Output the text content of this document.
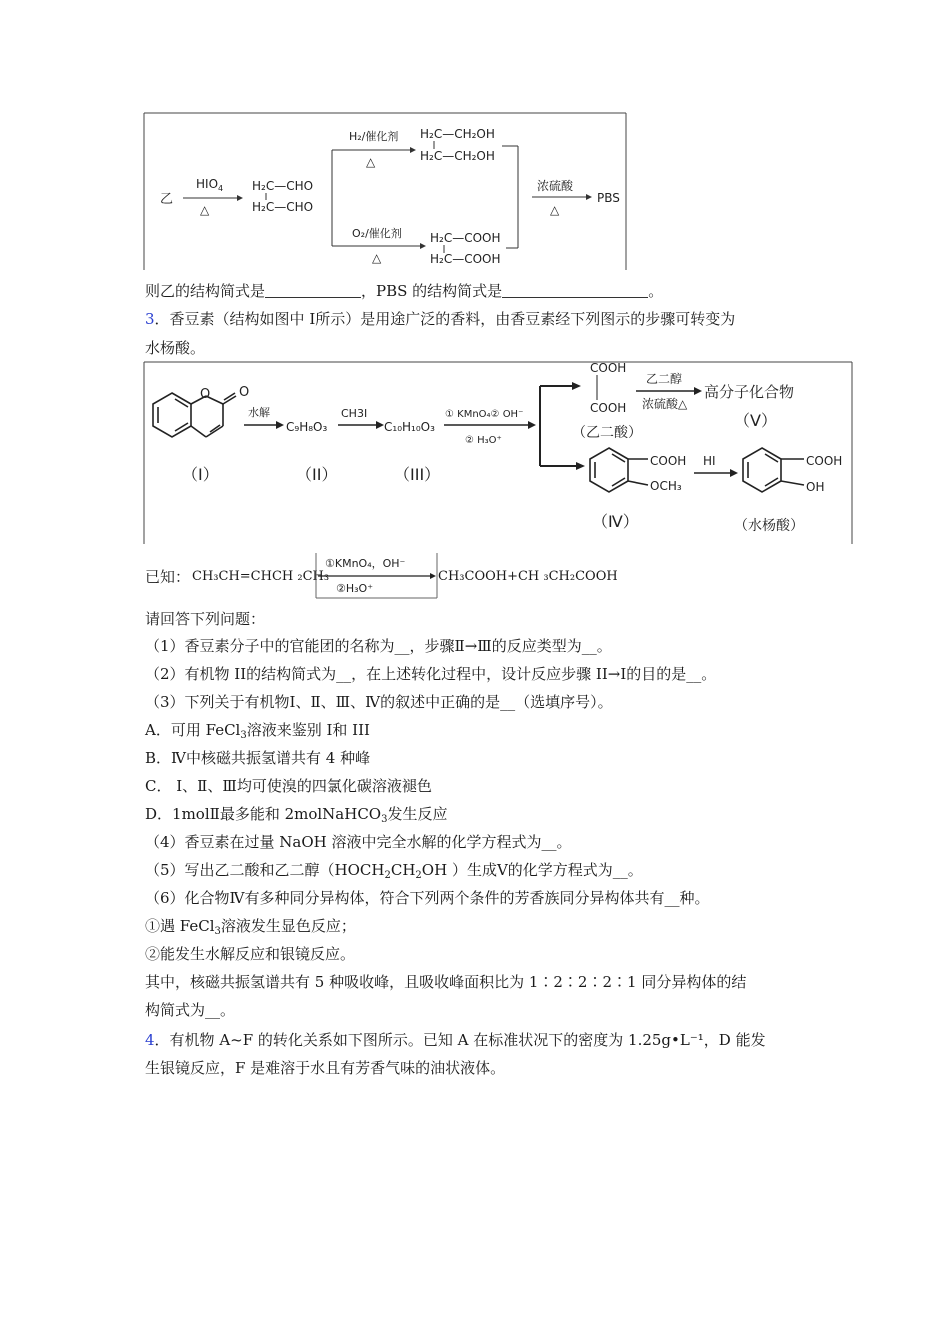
乙
$HIO_4$
△
H₂C—CHO
H₂C—CHO
H₂/催化剂
△
H₂C—CH₂OH
H₂C—CH₂OH
O₂/催化剂
△
H₂C—COOH
H₂C—COOH
浓硫酸
△
PBS
则乙的结构简式是	，PBS 的结构简式是	。
3．香豆素（结构如图中 I所示）是用途广泛的香料，由香豆素经下列图示的步骤可转变为
水杨酸。
O O
（I）
水解
C₉H₈O₃
（II）
CH3I
C₁₀H₁₀O₃
（III）
① KMnO₄② OH⁻
② H₃O⁺
COOH
COOH
（乙二酸）
乙二醇
浓硫酸△
高分子化合物
（Ⅴ）
COOH
OCH₃
（Ⅳ）
HI	COOH
OH
（水杨酸）
已知： CH₃CH=CHCH ₂CH₃
①KMnO₄，OH⁻
②H₃O⁺
CH₃COOH+CH ₃CH₂COOH
请回答下列问题：
（1）香豆素分子中的官能团的名称为__，步骤Ⅱ→Ⅲ的反应类型为__。
（2）有机物 II的结构简式为__，在上述转化过程中，设计反应步骤 II→I的目的是__。
（3）下列关于有机物Ⅰ、Ⅱ、Ⅲ、Ⅳ的叙述中正确的是__（选填序号）。
A．可用 FeCl$_3$溶液来鉴别 I和 III
B．Ⅳ中核磁共振氢谱共有 4 种峰
C． Ⅰ、Ⅱ、Ⅲ均可使溴的四氯化碳溶液褪色
D．1molⅡ最多能和 2molNaHCO$_3$发生反应
（4）香豆素在过量 NaOH 溶液中完全水解的化学方程式为__。
（5）写出乙二酸和乙二醇（$HOCH_2CH_2OH$ ）生成Ⅴ的化学方程式为__。
（6）化合物Ⅳ有多种同分异构体，符合下列两个条件的芳香族同分异构体共有__种。
①遇 FeCl$_3$溶液发生显色反应；
②能发生水解反应和银镜反应。
其中，核磁共振氢谱共有 5 种吸收峰，且吸收峰面积比为 1∶2∶2∶2∶1 同分异构体的结
构简式为__。
4．有机物 A~F 的转化关系如下图所示。已知 A 在标准状况下的密度为 1.25g•L⁻¹，D 能发
生银镜反应，F 是难溶于水且有芳香气味的油状液体。
